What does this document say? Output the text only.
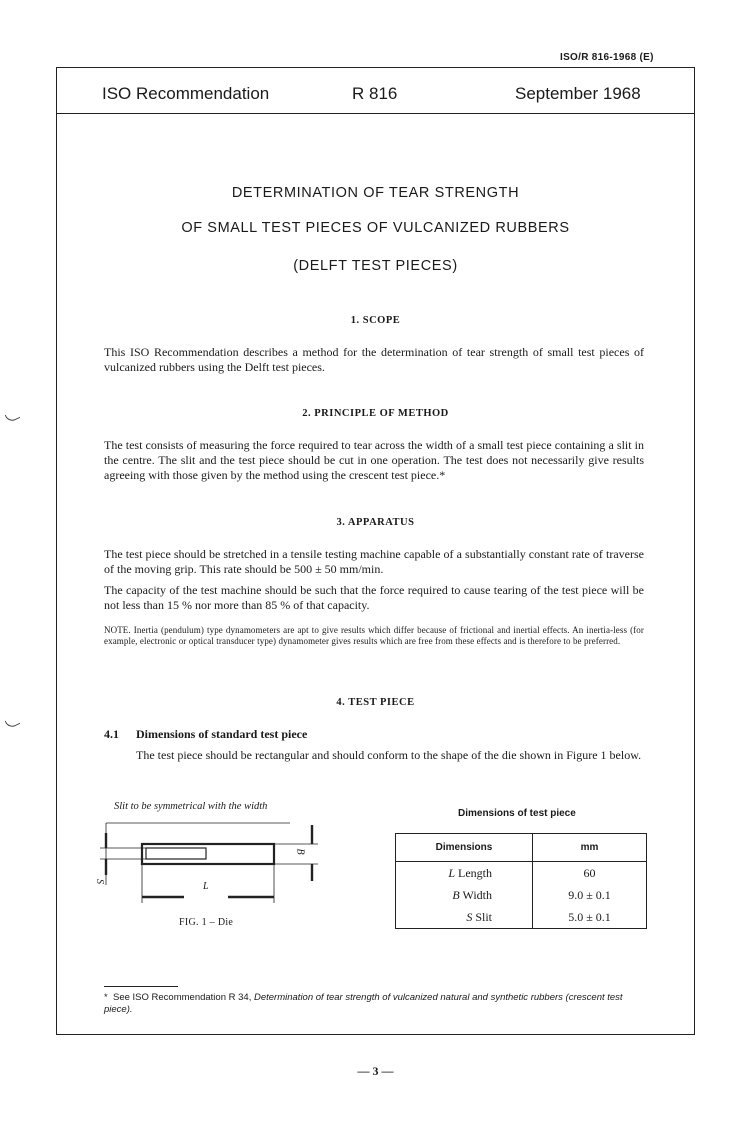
ISO/R 816-1968 (E)
ISO Recommendation	R 816	September 1968
DETERMINATION OF TEAR STRENGTH
OF SMALL TEST PIECES OF VULCANIZED RUBBERS
(DELFT TEST PIECES)
1. SCOPE
This ISO Recommendation describes a method for the determination of tear strength of small test pieces of vulcanized rubbers using the Delft test pieces.
2. PRINCIPLE OF METHOD
The test consists of measuring the force required to tear across the width of a small test piece containing a slit in the centre. The slit and the test piece should be cut in one operation. The test does not necessarily give results agreeing with those given by the method using the crescent test piece.*
3. APPARATUS
The test piece should be stretched in a tensile testing machine capable of a substantially constant rate of traverse of the moving grip. This rate should be 500 ± 50 mm/min.
The capacity of the test machine should be such that the force required to cause tearing of the test piece will be not less than 15 % nor more than 85 % of that capacity.
NOTE. Inertia (pendulum) type dynamometers are apt to give results which differ because of frictional and inertial effects. An inertia-less (for example, electronic or optical transducer type) dynamometer gives results which are free from these effects and is therefore to be preferred.
4. TEST PIECE
4.1 Dimensions of standard test piece
The test piece should be rectangular and should conform to the shape of the die shown in Figure 1 below.
Slit to be symmetrical with the width
L
B
S
FIG. 1 – Die
Dimensions of test piece
Dimensions	mm
L Length	60
B Width	9.0 ± 0.1
S Slit	5.0 ± 0.1
* See ISO Recommendation R 34, Determination of tear strength of vulcanized natural and synthetic rubbers (crescent test piece).
— 3 —
